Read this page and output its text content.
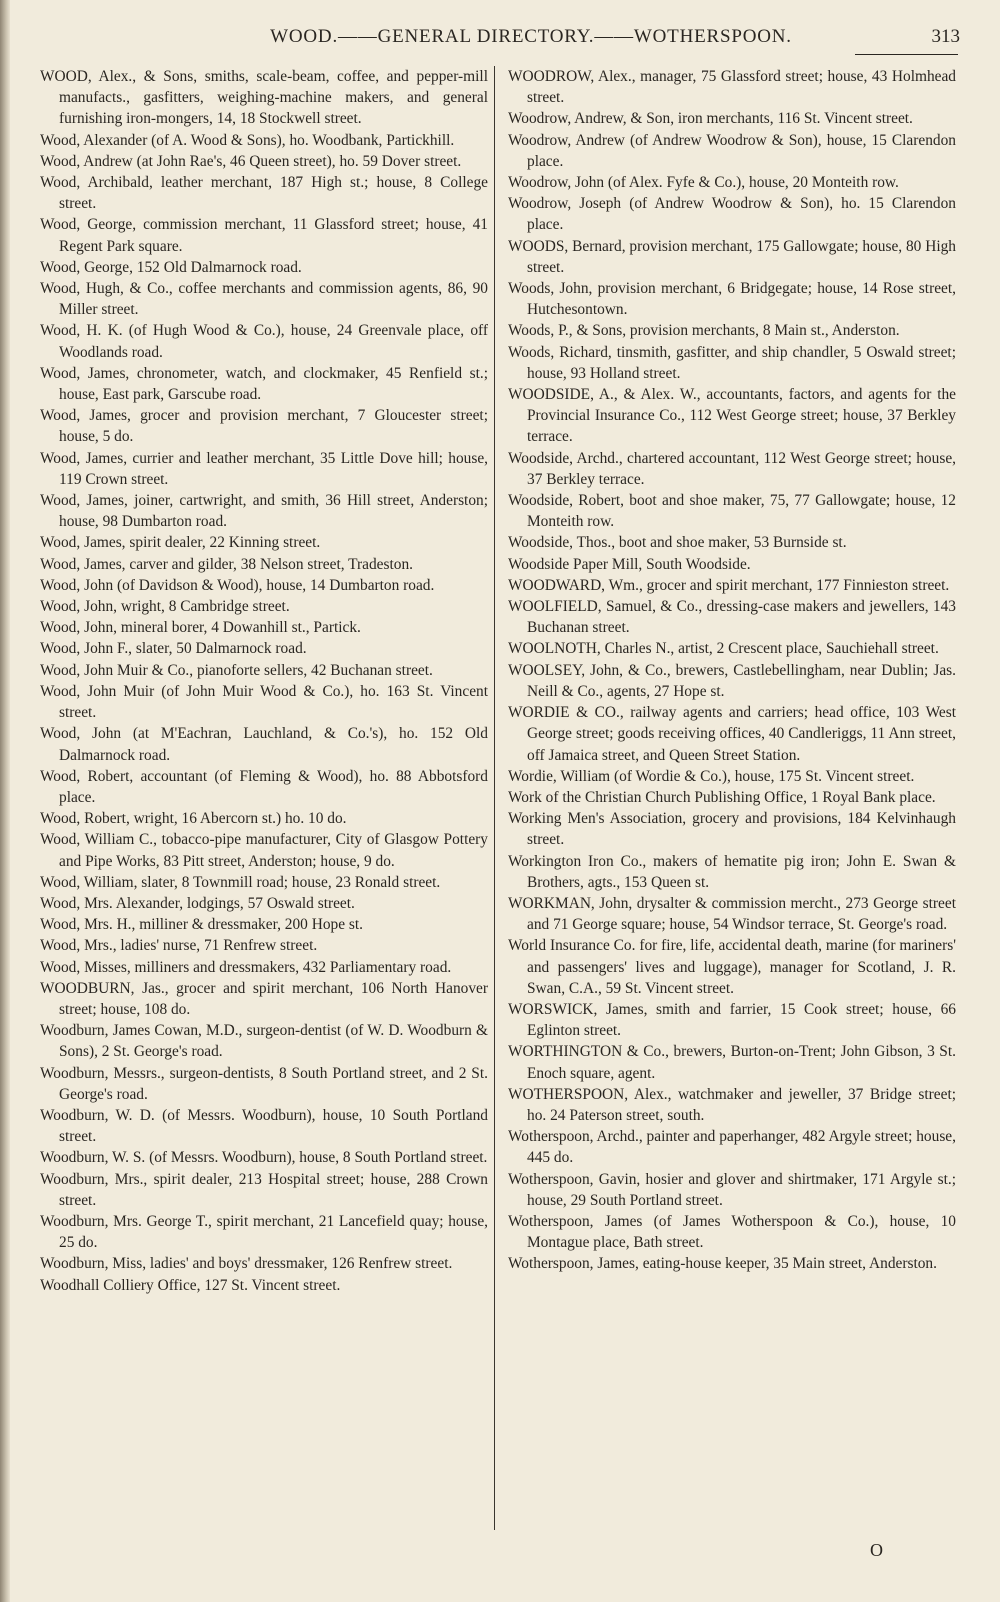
WOOD.——GENERAL DIRECTORY.——WOTHERSPOON.	313

WOOD, Alex., & Sons, smiths, scale-beam, coffee, and pepper-mill manufacts., gasfitters, weighing-machine makers, and general furnishing iron-mongers, 14, 18 Stockwell street.

Wood, Alexander (of A. Wood & Sons), ho. Woodbank, Partickhill.

Wood, Andrew (at John Rae's, 46 Queen street), ho. 59 Dover street.

Wood, Archibald, leather merchant, 187 High st.; house, 8 College street.

Wood, George, commission merchant, 11 Glassford street; house, 41 Regent Park square.

Wood, George, 152 Old Dalmarnock road.

Wood, Hugh, & Co., coffee merchants and commission agents, 86, 90 Miller street.

Wood, H. K. (of Hugh Wood & Co.), house, 24 Greenvale place, off Woodlands road.

Wood, James, chronometer, watch, and clockmaker, 45 Renfield st.; house, East park, Garscube road.

Wood, James, grocer and provision merchant, 7 Gloucester street; house, 5 do.

Wood, James, currier and leather merchant, 35 Little Dove hill; house, 119 Crown street.

Wood, James, joiner, cartwright, and smith, 36 Hill street, Anderston; house, 98 Dumbarton road.

Wood, James, spirit dealer, 22 Kinning street.

Wood, James, carver and gilder, 38 Nelson street, Tradeston.

Wood, John (of Davidson & Wood), house, 14 Dumbarton road.

Wood, John, wright, 8 Cambridge street.

Wood, John, mineral borer, 4 Dowanhill st., Partick.

Wood, John F., slater, 50 Dalmarnock road.

Wood, John Muir & Co., pianoforte sellers, 42 Buchanan street.

Wood, John Muir (of John Muir Wood & Co.), ho. 163 St. Vincent street.

Wood, John (at M'Eachran, Lauchland, & Co.'s), ho. 152 Old Dalmarnock road.

Wood, Robert, accountant (of Fleming & Wood), ho. 88 Abbotsford place.

Wood, Robert, wright, 16 Abercorn st.) ho. 10 do.

Wood, William C., tobacco-pipe manufacturer, City of Glasgow Pottery and Pipe Works, 83 Pitt street, Anderston; house, 9 do.

Wood, William, slater, 8 Townmill road; house, 23 Ronald street.

Wood, Mrs. Alexander, lodgings, 57 Oswald street.

Wood, Mrs. H., milliner & dressmaker, 200 Hope st.

Wood, Mrs., ladies' nurse, 71 Renfrew street.

Wood, Misses, milliners and dressmakers, 432 Parliamentary road.

WOODBURN, Jas., grocer and spirit merchant, 106 North Hanover street; house, 108 do.

Woodburn, James Cowan, M.D., surgeon-dentist (of W. D. Woodburn & Sons), 2 St. George's road.

Woodburn, Messrs., surgeon-dentists, 8 South Portland street, and 2 St. George's road.

Woodburn, W. D. (of Messrs. Woodburn), house, 10 South Portland street.

Woodburn, W. S. (of Messrs. Woodburn), house, 8 South Portland street.

Woodburn, Mrs., spirit dealer, 213 Hospital street; house, 288 Crown street.

Woodburn, Mrs. George T., spirit merchant, 21 Lancefield quay; house, 25 do.

Woodburn, Miss, ladies' and boys' dressmaker, 126 Renfrew street.

Woodhall Colliery Office, 127 St. Vincent street.

WOODROW, Alex., manager, 75 Glassford street; house, 43 Holmhead street.

Woodrow, Andrew, & Son, iron merchants, 116 St. Vincent street.

Woodrow, Andrew (of Andrew Woodrow & Son), house, 15 Clarendon place.

Woodrow, John (of Alex. Fyfe & Co.), house, 20 Monteith row.

Woodrow, Joseph (of Andrew Woodrow & Son), ho. 15 Clarendon place.

WOODS, Bernard, provision merchant, 175 Gallowgate; house, 80 High street.

Woods, John, provision merchant, 6 Bridgegate; house, 14 Rose street, Hutchesontown.

Woods, P., & Sons, provision merchants, 8 Main st., Anderston.

Woods, Richard, tinsmith, gasfitter, and ship chandler, 5 Oswald street; house, 93 Holland street.

WOODSIDE, A., & Alex. W., accountants, factors, and agents for the Provincial Insurance Co., 112 West George street; house, 37 Berkley terrace.

Woodside, Archd., chartered accountant, 112 West George street; house, 37 Berkley terrace.

Woodside, Robert, boot and shoe maker, 75, 77 Gallowgate; house, 12 Monteith row.

Woodside, Thos., boot and shoe maker, 53 Burnside st.

Woodside Paper Mill, South Woodside.

WOODWARD, Wm., grocer and spirit merchant, 177 Finnieston street.

WOOLFIELD, Samuel, & Co., dressing-case makers and jewellers, 143 Buchanan street.

WOOLNOTH, Charles N., artist, 2 Crescent place, Sauchiehall street.

WOOLSEY, John, & Co., brewers, Castlebellingham, near Dublin; Jas. Neill & Co., agents, 27 Hope st.

WORDIE & CO., railway agents and carriers; head office, 103 West George street; goods receiving offices, 40 Candleriggs, 11 Ann street, off Jamaica street, and Queen Street Station.

Wordie, William (of Wordie & Co.), house, 175 St. Vincent street.

Work of the Christian Church Publishing Office, 1 Royal Bank place.

Working Men's Association, grocery and provisions, 184 Kelvinhaugh street.

Workington Iron Co., makers of hematite pig iron; John E. Swan & Brothers, agts., 153 Queen st.

WORKMAN, John, drysalter & commission mercht., 273 George street and 71 George square; house, 54 Windsor terrace, St. George's road.

World Insurance Co. for fire, life, accidental death, marine (for mariners' and passengers' lives and luggage), manager for Scotland, J. R. Swan, C.A., 59 St. Vincent street.

WORSWICK, James, smith and farrier, 15 Cook street; house, 66 Eglinton street.

WORTHINGTON & Co., brewers, Burton-on-Trent; John Gibson, 3 St. Enoch square, agent.

WOTHERSPOON, Alex., watchmaker and jeweller, 37 Bridge street; ho. 24 Paterson street, south.

Wotherspoon, Archd., painter and paperhanger, 482 Argyle street; house, 445 do.

Wotherspoon, Gavin, hosier and glover and shirtmaker, 171 Argyle st.; house, 29 South Portland street.

Wotherspoon, James (of James Wotherspoon & Co.), house, 10 Montague place, Bath street.

Wotherspoon, James, eating-house keeper, 35 Main street, Anderston.

O
